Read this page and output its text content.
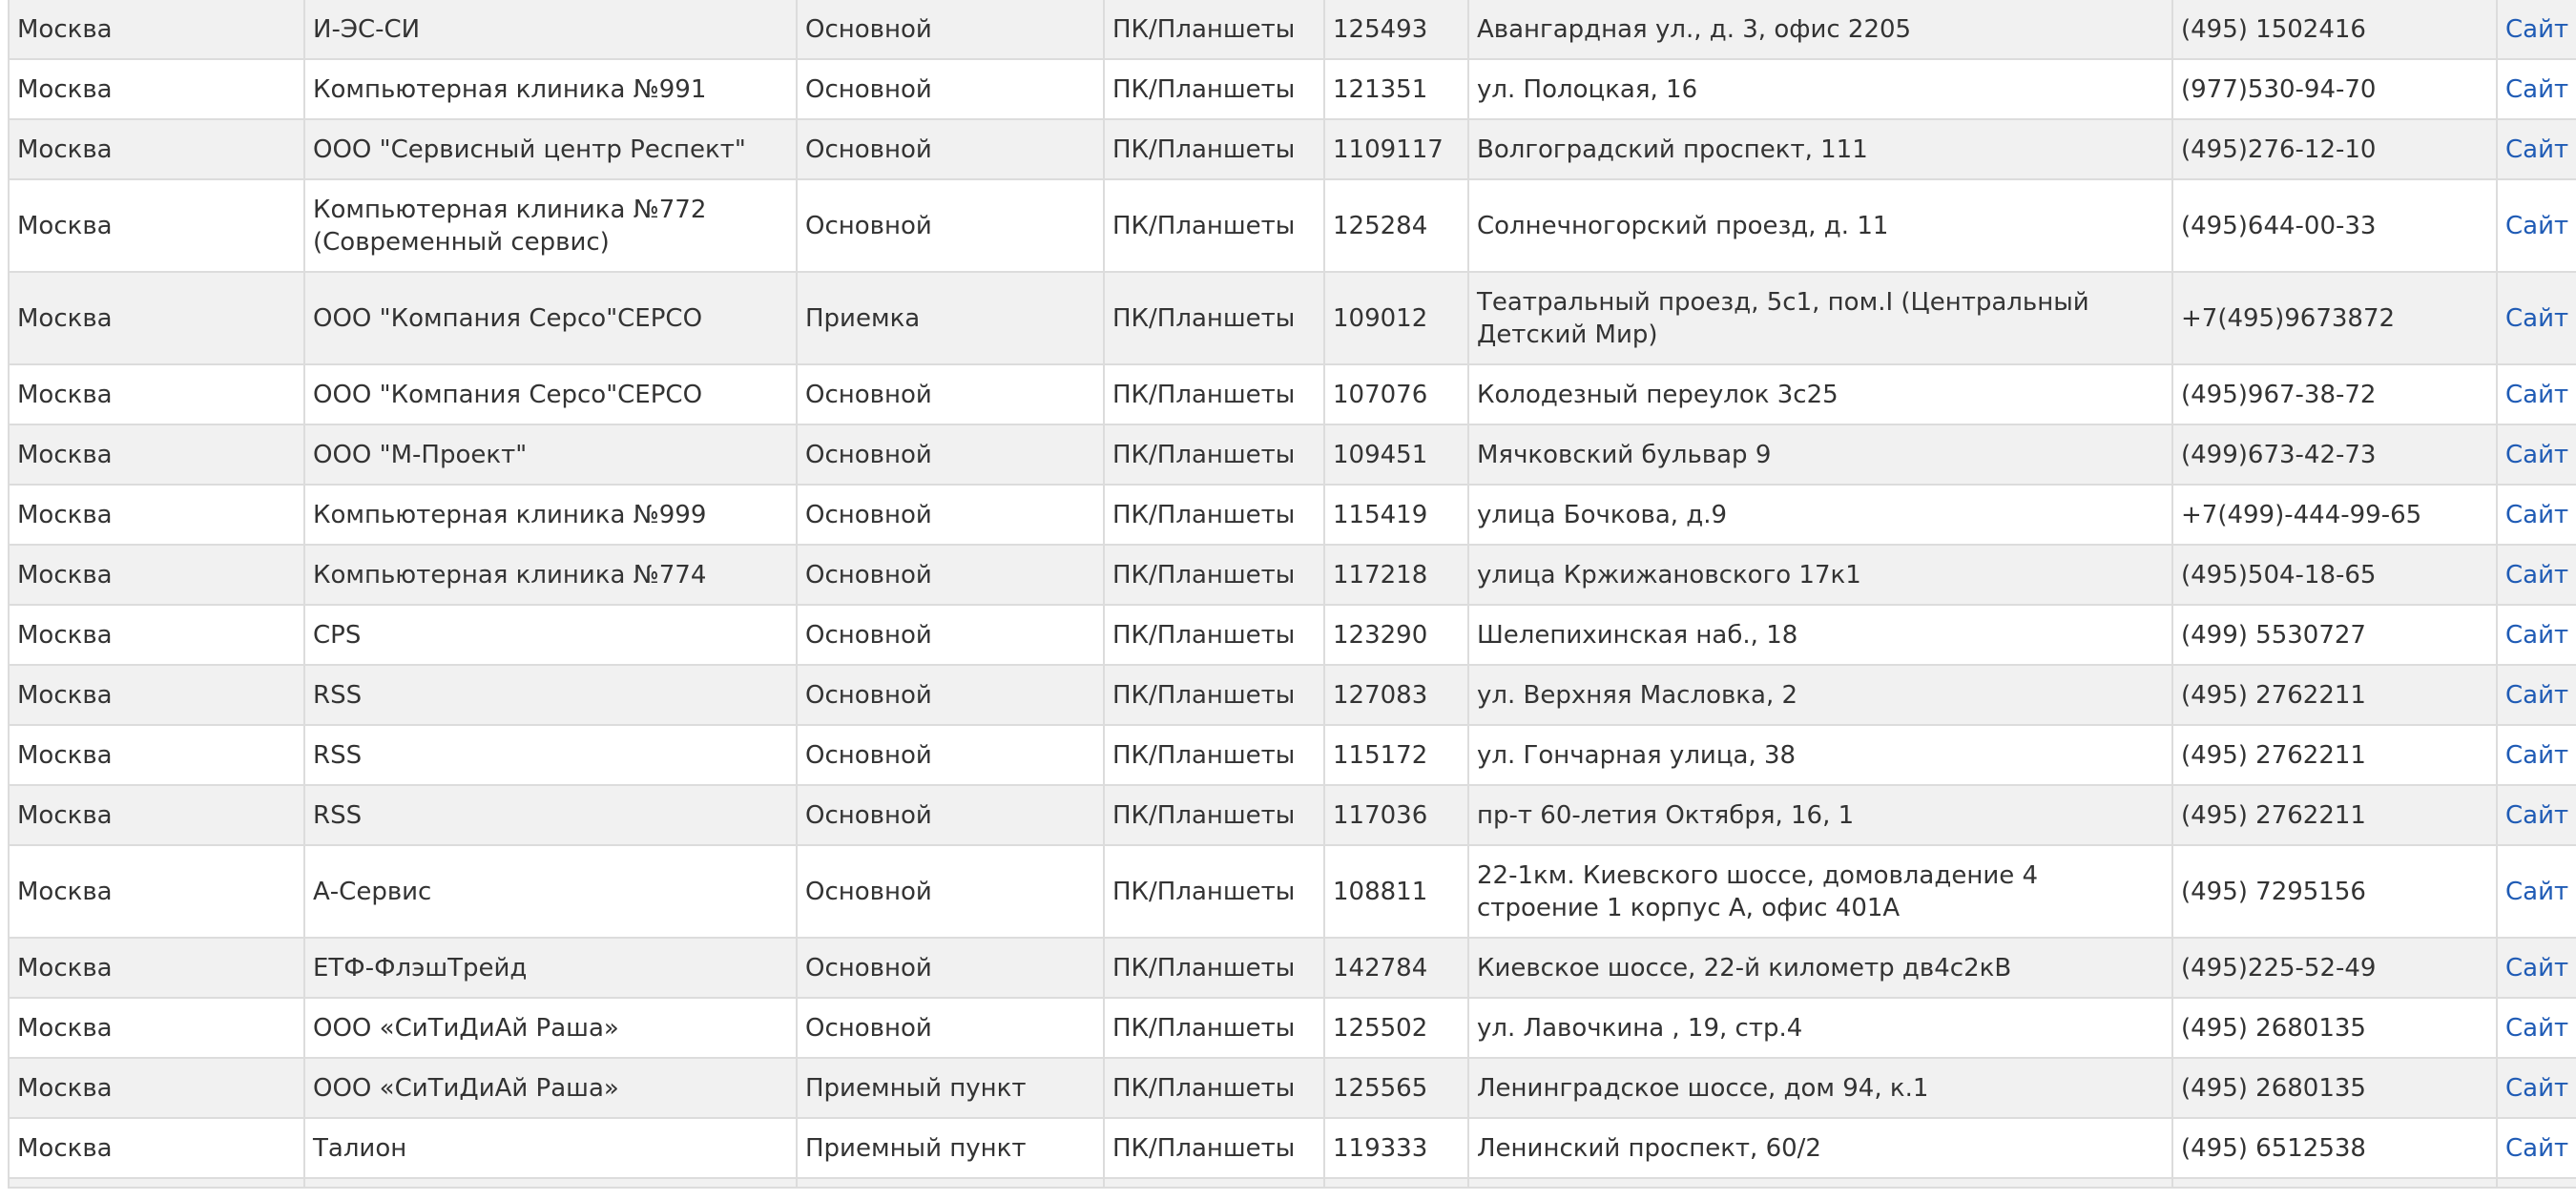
Москва	И-ЭС-СИ	Основной	ПК/Планшеты	125493	Авангардная ул., д. 3, офис 2205	(495) 1502416	Сайт
Москва	Компьютерная клиника №991	Основной	ПК/Планшеты	121351	ул. Полоцкая, 16	(977)530-94-70	Сайт
Москва	ООО "Сервисный центр Респект"	Основной	ПК/Планшеты	1109117	Волгоградский проспект, 111	(495)276-12-10	Сайт
Москва	Компьютерная клиника №772 (Современный сервис)	Основной	ПК/Планшеты	125284	Солнечногорский проезд, д. 11	(495)644-00-33	Сайт
Москва	ООО "Компания Серсо"СЕРСО	Приемка	ПК/Планшеты	109012	Театральный проезд, 5с1, пом.I (Центральный Детский Мир)	+7(495)9673872	Сайт
Москва	ООО "Компания Серсо"СЕРСО	Основной	ПК/Планшеты	107076	Колодезный переулок 3с25	(495)967-38-72	Сайт
Москва	ООО "М-Проект"	Основной	ПК/Планшеты	109451	Мячковский бульвар 9	(499)673-42-73	Сайт
Москва	Компьютерная клиника №999	Основной	ПК/Планшеты	115419	улица Бочкова, д.9	+7(499)-444-99-65	Сайт
Москва	Компьютерная клиника №774	Основной	ПК/Планшеты	117218	улица Кржижановского 17к1	(495)504-18-65	Сайт
Москва	CPS	Основной	ПК/Планшеты	123290	Шелепихинская наб., 18	(499) 5530727	Сайт
Москва	RSS	Основной	ПК/Планшеты	127083	ул. Верхняя Масловка, 2	(495) 2762211	Сайт
Москва	RSS	Основной	ПК/Планшеты	115172	ул. Гончарная улица, 38	(495) 2762211	Сайт
Москва	RSS	Основной	ПК/Планшеты	117036	пр-т 60-летия Октября, 16, 1	(495) 2762211	Сайт
Москва	А-Сервис	Основной	ПК/Планшеты	108811	22-1км. Киевского шоссе, домовладение 4 строение 1 корпус А, офис 401А	(495) 7295156	Сайт
Москва	ЕТФ-ФлэшТрейд	Основной	ПК/Планшеты	142784	Киевское шоссе, 22-й километр дв4с2кВ	(495)225-52-49	Сайт
Москва	ООО «СиТиДиАй Раша»	Основной	ПК/Планшеты	125502	ул. Лавочкина , 19, стр.4	(495) 2680135	Сайт
Москва	ООО «СиТиДиАй Раша»	Приемный пункт	ПК/Планшеты	125565	Ленинградское шоссе, дом 94, к.1	(495) 2680135	Сайт
Москва	Талион	Приемный пункт	ПК/Планшеты	119333	Ленинский проспект, 60/2	(495) 6512538	Сайт
